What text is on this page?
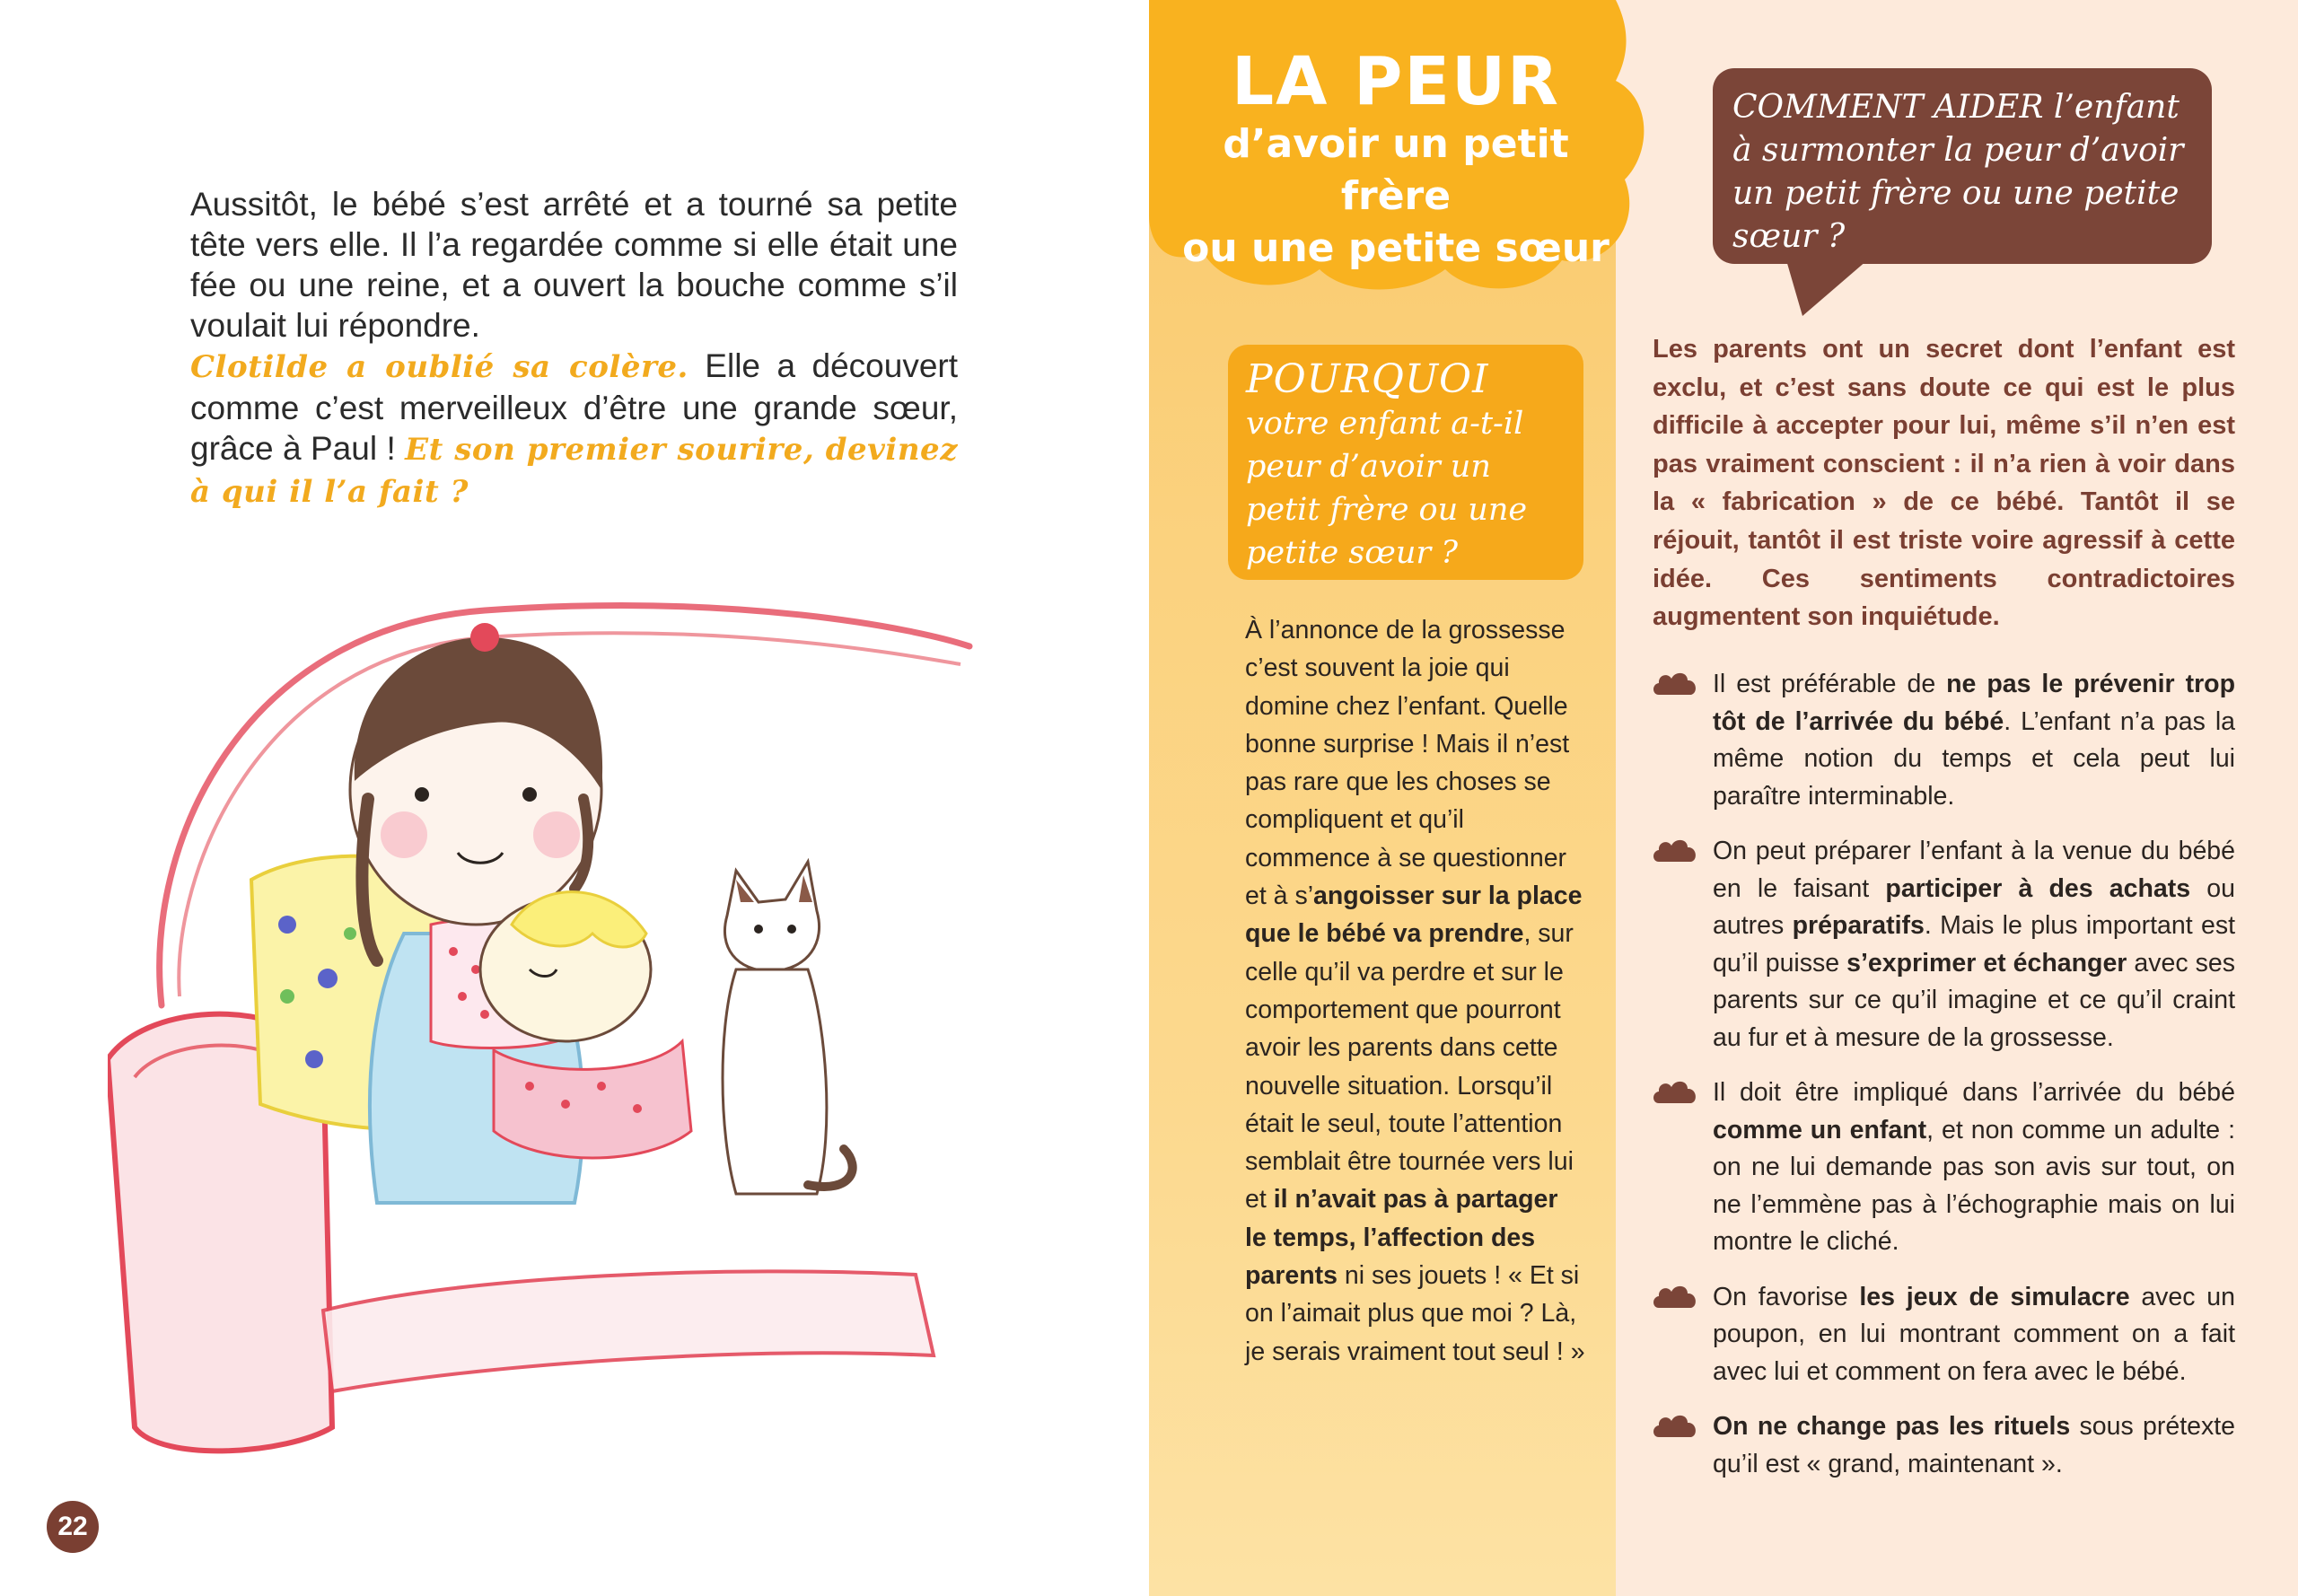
Aussitôt, le bébé s’est arrêté et a tourné sa petite tête vers elle. Il l’a regardée comme si elle était une fée ou une reine, et a ouvert la bouche comme s’il voulait lui répondre.

Clotilde a oublié sa colère. Elle a découvert comme c’est merveilleux d’être une grande sœur, grâce à Paul ! Et son premier sourire, devinez à qui il l’a fait ?

22
LA PEUR
d’avoir un petit frère
ou une petite sœur
POURQUOI
votre enfant a-t-il
peur d’avoir un
petit frère ou une
petite sœur ?
À l’annonce de la grossesse c’est souvent la joie qui domine chez l’enfant. Quelle bonne surprise ! Mais il n’est pas rare que les choses se compliquent et qu’il commence à se questionner et à s’angoisser sur la place que le bébé va prendre, sur celle qu’il va perdre et sur le comportement que pourront avoir les parents dans cette nouvelle situation. Lorsqu’il était le seul, toute l’attention semblait être tournée vers lui et il n’avait pas à partager le temps, l’affection des parents ni ses jouets ! « Et si on l’aimait plus que moi ? Là, je serais vraiment tout seul ! »
COMMENT AIDER l’enfant à surmonter la peur d’avoir un petit frère ou une petite sœur ?
Les parents ont un secret dont l’enfant est exclu, et c’est sans doute ce qui est le plus difficile à accepter pour lui, même s’il n’en est pas vraiment conscient : il n’a rien à voir dans la « fabrication » de ce bébé. Tantôt il se réjouit, tantôt il est triste voire agressif à cette idée. Ces sentiments contradictoires augmentent son inquiétude.
Il est préférable de ne pas le prévenir trop tôt de l’arrivée du bébé. L’enfant n’a pas la même notion du temps et cela peut lui paraître interminable.
On peut préparer l’enfant à la venue du bébé en le faisant participer à des achats ou autres préparatifs. Mais le plus important est qu’il puisse s’exprimer et échanger avec ses parents sur ce qu’il imagine et ce qu’il craint au fur et à mesure de la grossesse.
Il doit être impliqué dans l’arrivée du bébé comme un enfant, et non comme un adulte : on ne lui demande pas son avis sur tout, on ne l’emmène pas à l’échographie mais on lui montre le cliché.
On favorise les jeux de simulacre avec un poupon, en lui montrant comment on a fait avec lui et comment on fera avec le bébé.
On ne change pas les rituels sous prétexte qu’il est « grand, maintenant ».
